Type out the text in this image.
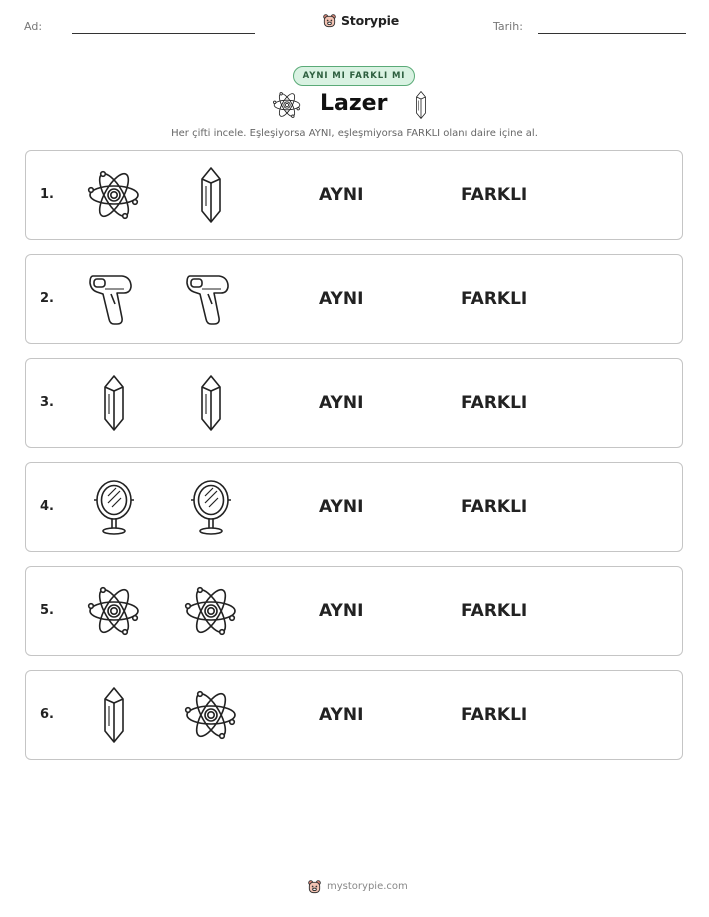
Ad:	Storypie	Tarih:
AYNI MI FARKLI MI
Lazer
Her çifti incele. Eşleşiyorsa AYNI, eşleşmiyorsa FARKLI olanı daire içine al.
1.	AYNI	FARKLI
2.	AYNI	FARKLI
3.	AYNI	FARKLI
4.	AYNI	FARKLI
5.	AYNI	FARKLI
6.	AYNI	FARKLI
mystorypie.com
